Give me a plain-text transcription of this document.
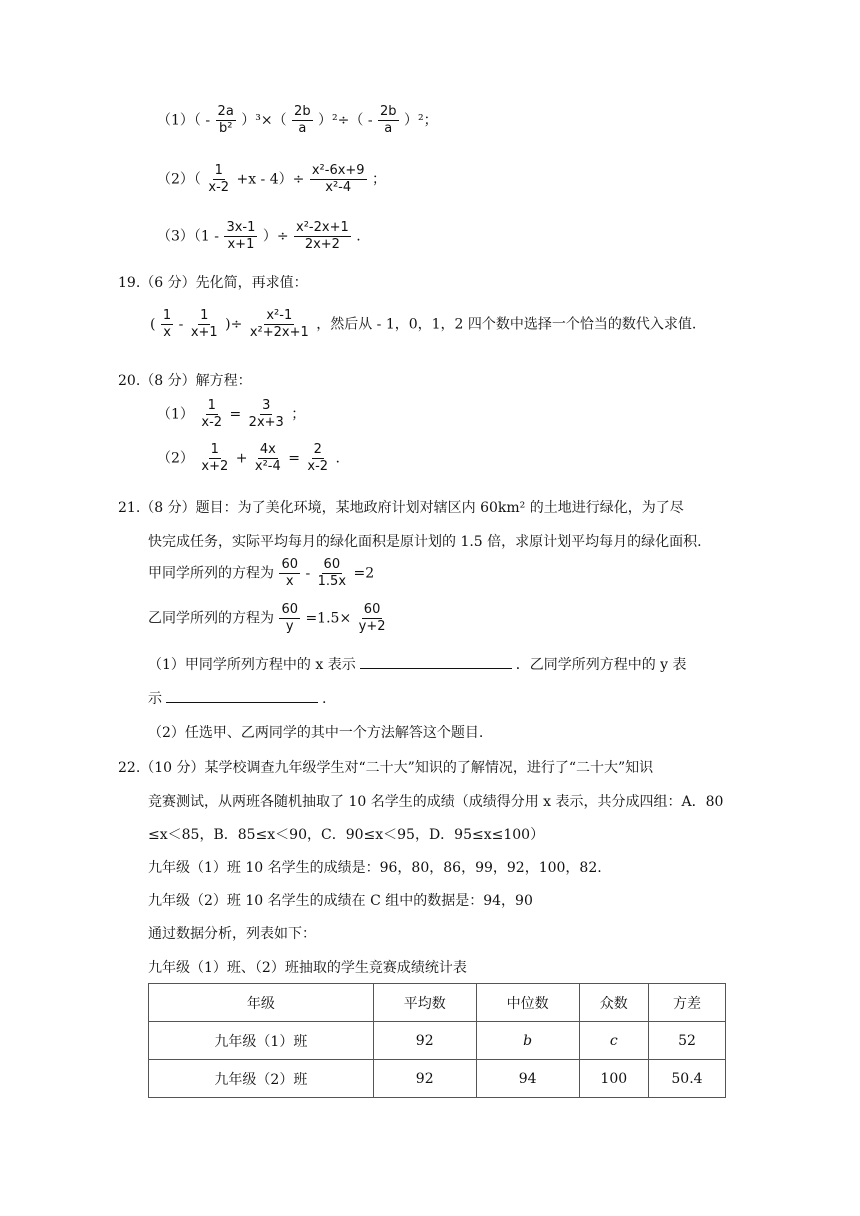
$(1)( - \frac{2a}{\text{b²}} )^3\times( \frac{2b}{a} )^2\div( - \frac{2b}{a} )^2$；
$(2)( \frac{1}{x-2} +x - 4)\div \frac{\text{x²-6x+9}}{\text{x²-4}}$ ；
$(3)(1 - \frac{3x-1}{x+1}$ ）÷ $\frac{\text{x²-2x+1}}{2x+2}$ .
19.（6 分）先化简，再求值：
( $\frac{1}{x} - \frac{1}{x+1}$ )÷ $\frac{\text{x²-1}}{\text{x²+2x+1}}$ ，然后从 - 1，0，1，2 四个数中选择一个恰当的数代入求值.
20.（8 分）解方程：
$(1) \frac{1}{x-2} = \frac{3}{2x+3}$ ；
$(2) \frac{1}{x+2} + \frac{4x}{\text{x²-4}} = \frac{2}{x-2}$ .
21.（8 分）题目：为了美化环境，某地政府计划对辖区内 60km² 的土地进行绿化，为了尽
快完成任务，实际平均每月的绿化面积是原计划的 1.5 倍，求原计划平均每月的绿化面积.
甲同学所列的方程为 $\frac{60}{x} - \frac{60}{1.5x} =2$
乙同学所列的方程为 $\frac{60}{y} =1.5\times \frac{60}{y+2}$
（1）甲同学所列方程中的 x 表示	．乙同学所列方程中的 y 表
示	.
（2）任选甲、乙两同学的其中一个方法解答这个题目.
22.（10 分）某学校调查九年级学生对“二十大”知识的了解情况，进行了“二十大”知识
竞赛测试，从两班各随机抽取了 10 名学生的成绩（成绩得分用 x 表示，共分成四组：A．80
≤x＜85，B．85≤x＜90，C．90≤x＜95，D．95≤x≤100）
九年级（1）班 10 名学生的成绩是：96，80，86，99，92，100，82.
九年级（2）班 10 名学生的成绩在 C 组中的数据是：94，90
通过数据分析，列表如下：
九年级（1）班、（2）班抽取的学生竞赛成绩统计表
年级	平均数	中位数	众数	方差
九年级（1）班	92	b	c	52
九年级（2）班	92	94	100	50.4
